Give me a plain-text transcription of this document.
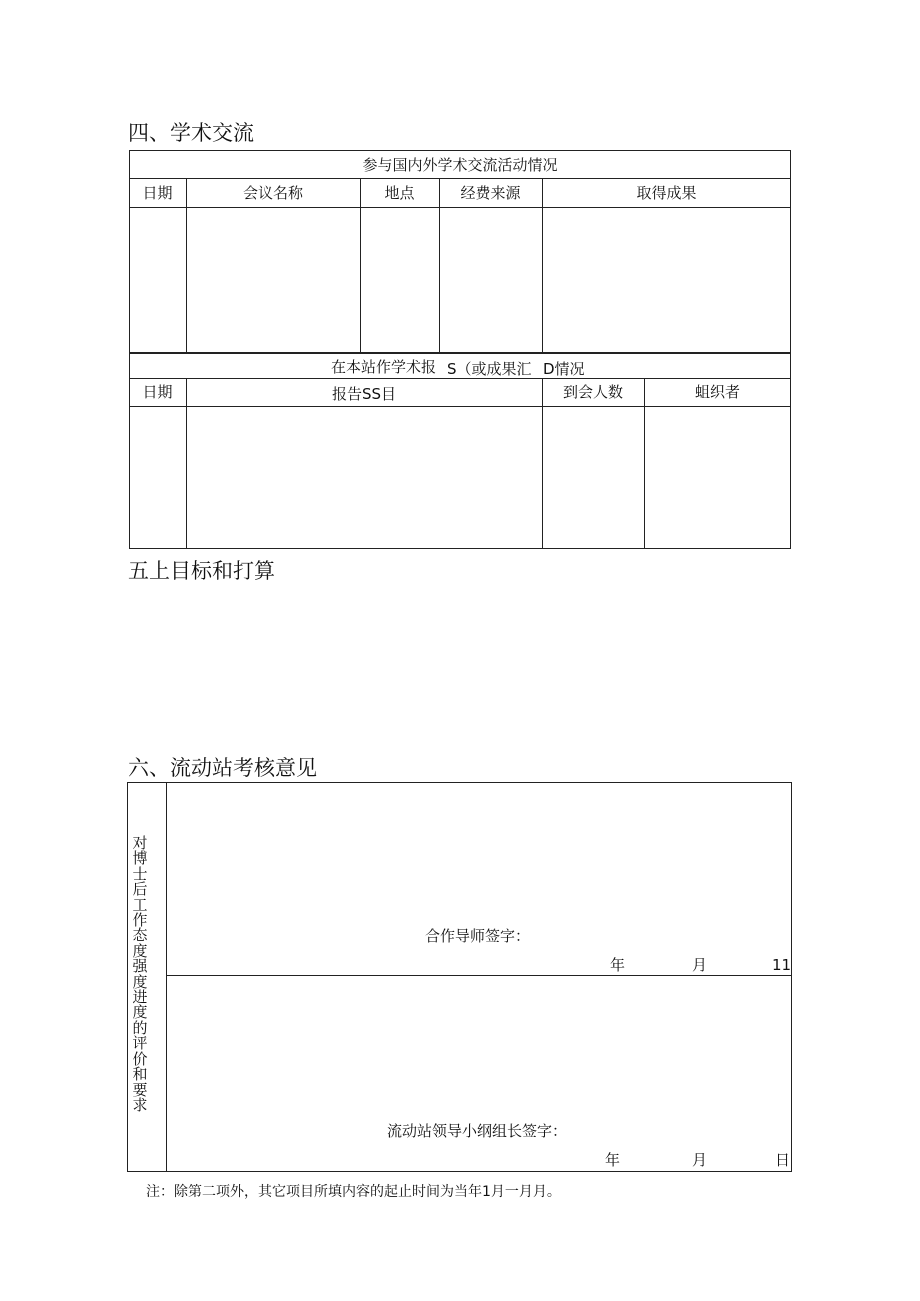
四、学术交流
参与国内外学术交流活动情况
日期	会议名称	地点	经费来源	取得成果
在本站作学术报 S（或成果汇 D情况
日期	报告SS目	到会人数	蛆织者
五上目标和打算
六、流动站考核意见
对博士后工作态度强度进度的评价和要求
合作导师签字：
年	月	11
流动站领导小纲组长签字：
年	月	日
注：除第二项外，其它项目所填内容的起止时间为当年1月一月月。
